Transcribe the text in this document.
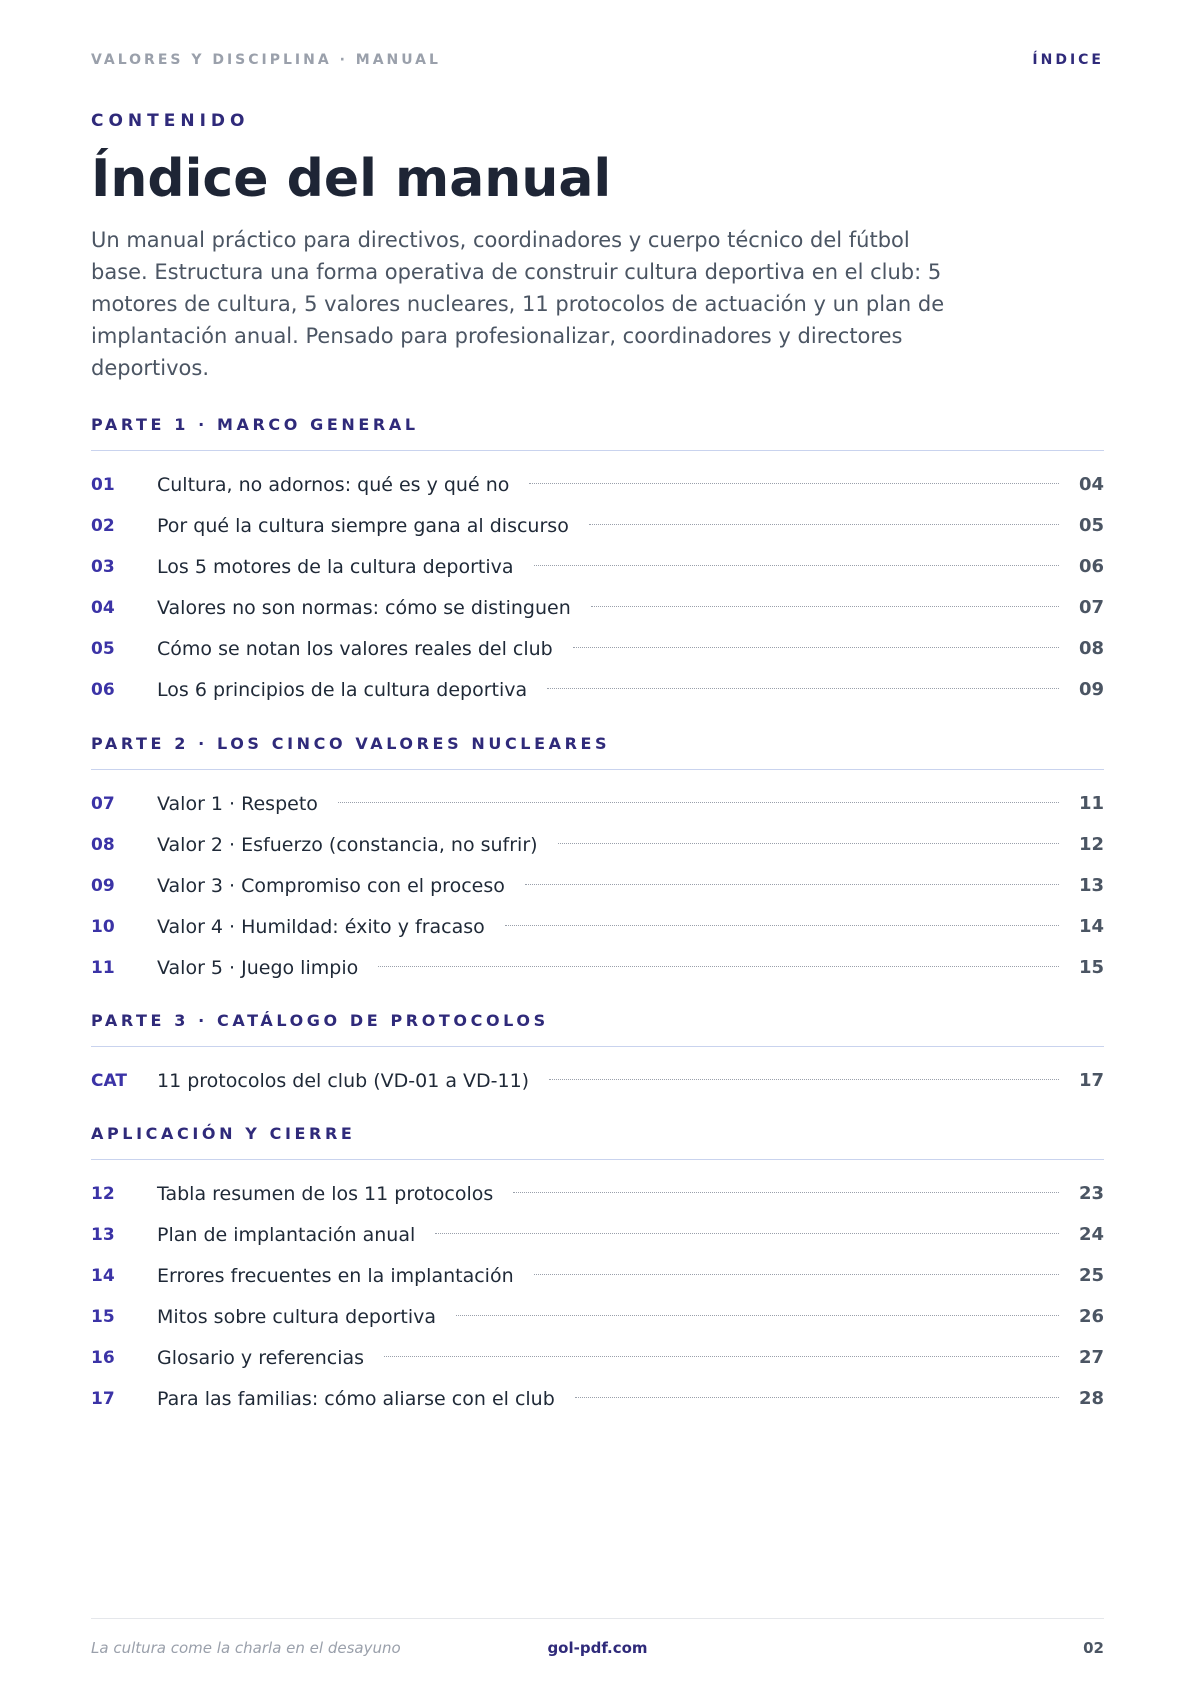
VALORES Y DISCIPLINA · MANUAL	ÍNDICE
CONTENIDO
Índice del manual

Un manual práctico para directivos, coordinadores y cuerpo técnico del fútbol base. Estructura una forma operativa de construir cultura deportiva en el club: 5 motores de cultura, 5 valores nucleares, 11 protocolos de actuación y un plan de implantación anual. Pensado para profesionalizar, coordinadores y directores deportivos.

PARTE 1 · MARCO GENERAL
01	Cultura, no adornos: qué es y qué no	04
02	Por qué la cultura siempre gana al discurso	05
03	Los 5 motores de la cultura deportiva	06
04	Valores no son normas: cómo se distinguen	07
05	Cómo se notan los valores reales del club	08
06	Los 6 principios de la cultura deportiva	09
PARTE 2 · LOS CINCO VALORES NUCLEARES
07	Valor 1 · Respeto	11
08	Valor 2 · Esfuerzo (constancia, no sufrir)	12
09	Valor 3 · Compromiso con el proceso	13
10	Valor 4 · Humildad: éxito y fracaso	14
11	Valor 5 · Juego limpio	15
PARTE 3 · CATÁLOGO DE PROTOCOLOS
CAT	11 protocolos del club (VD-01 a VD-11)	17
APLICACIÓN Y CIERRE
12	Tabla resumen de los 11 protocolos	23
13	Plan de implantación anual	24
14	Errores frecuentes en la implantación	25
15	Mitos sobre cultura deportiva	26
16	Glosario y referencias	27
17	Para las familias: cómo aliarse con el club	28
La cultura come la charla en el desayuno	gol-pdf.com	02
